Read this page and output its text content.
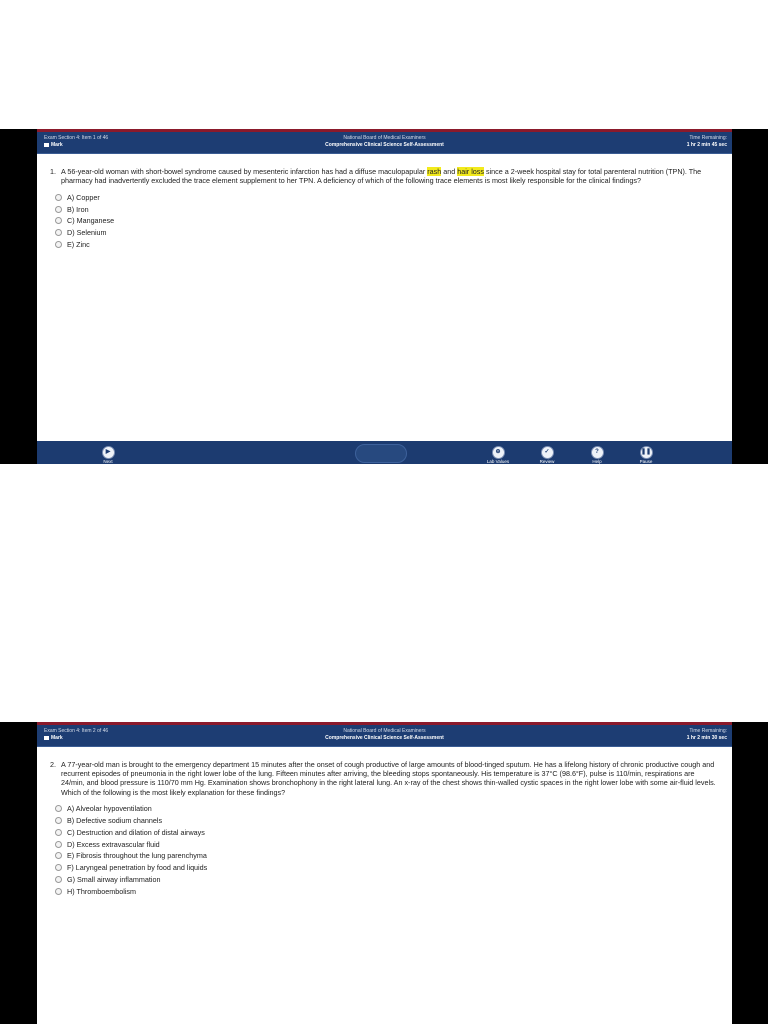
Exam Section 4: Item 1 of 46
Mark
National Board of Medical Examiners
Comprehensive Clinical Science Self-Assessment
Time Remaining:
1 hr 2 min 45 sec
1. A 56-year-old woman with short-bowel syndrome caused by mesenteric infarction has had a diffuse maculopapular rash and hair loss since a 2-week hospital stay for total parenteral nutrition (TPN). The pharmacy had inadvertently excluded the trace element supplement to her TPN. A deficiency of which of the following trace elements is most likely responsible for the clinical findings?
A) Copper
B) Iron
C) Manganese
D) Selenium
E) Zinc
▶
Next
⊕
Lab Values
✓
Review
?
Help
❚❚
Pause
Exam Section 4: Item 2 of 46
Mark
National Board of Medical Examiners
Comprehensive Clinical Science Self-Assessment
Time Remaining:
1 hr 2 min 30 sec
2. A 77-year-old man is brought to the emergency department 15 minutes after the onset of cough productive of large amounts of blood-tinged sputum. He has a lifelong history of chronic productive cough and recurrent episodes of pneumonia in the right lower lobe of the lung. Fifteen minutes after arriving, the bleeding stops spontaneously. His temperature is 37°C (98.6°F), pulse is 110/min, respirations are 24/min, and blood pressure is 110/70 mm Hg. Examination shows bronchophony in the right lateral lung. An x-ray of the chest shows thin-walled cystic spaces in the right lower lobe with some air-fluid levels. Which of the following is the most likely explanation for these findings?
A) Alveolar hypoventilation
B) Defective sodium channels
C) Destruction and dilation of distal airways
D) Excess extravascular fluid
E) Fibrosis throughout the lung parenchyma
F) Laryngeal penetration by food and liquids
G) Small airway inflammation
H) Thromboembolism
